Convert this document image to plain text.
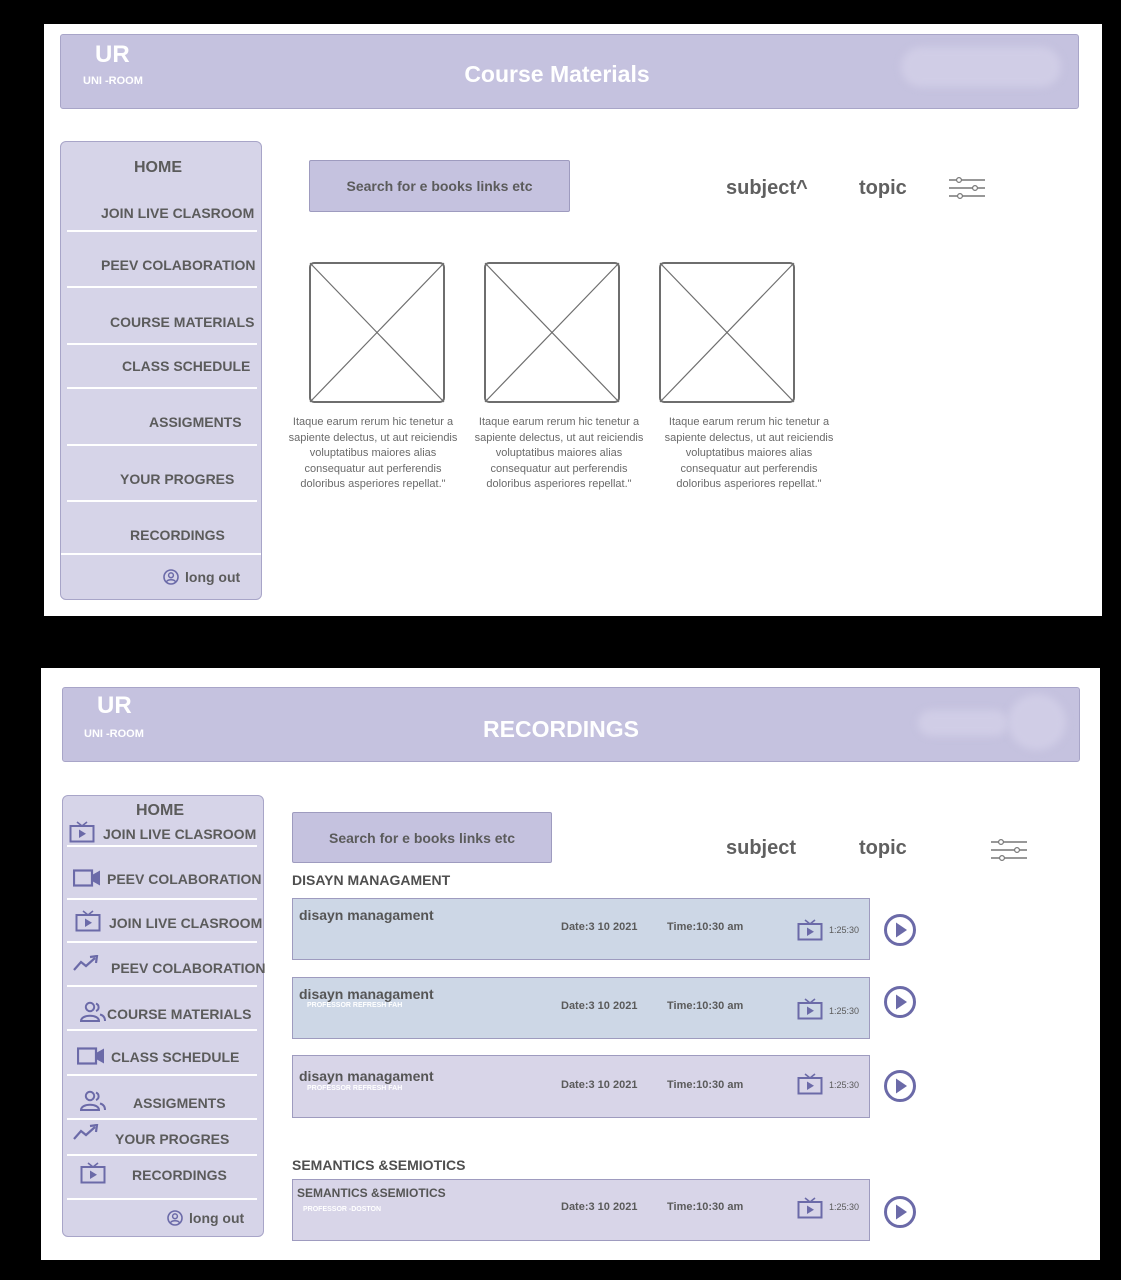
UR
UNI -ROOM	Course Materials
HOME
JOIN LIVE CLASROOM
PEEV COLABORATION
COURSE MATERIALS
CLASS SCHEDULE
ASSIGMENTS
YOUR PROGRES
RECORDINGS
long out
Search for e books links etc	subject^	topic
Itaque earum rerum hic tenetur a sapiente delectus, ut aut reiciendis voluptatibus maiores alias consequatur aut perferendis doloribus asperiores repellat."
Itaque earum rerum hic tenetur a sapiente delectus, ut aut reiciendis voluptatibus maiores alias consequatur aut perferendis doloribus asperiores repellat."
Itaque earum rerum hic tenetur a sapiente delectus, ut aut reiciendis voluptatibus maiores alias consequatur aut perferendis doloribus asperiores repellat."
UR
UNI -ROOM	RECORDINGS
HOME
JOIN LIVE CLASROOM
PEEV COLABORATION
JOIN LIVE CLASROOM
PEEV COLABORATION
COURSE MATERIALS
CLASS SCHEDULE
ASSIGMENTS
YOUR PROGRES
RECORDINGS
long out
Search for e books links etc	subject	topic
DISAYN MANAGAMENT
disayn managament
Date:3 10 2021	Time:10:30 am	1:25:30
disayn managament
PROFESSOR REFRESH FAH	Date:3 10 2021	Time:10:30 am	1:25:30
disayn managament
PROFESSOR REFRESH FAH	Date:3 10 2021	Time:10:30 am	1:25:30
SEMANTICS &SEMIOTICS
SEMANTICS &SEMIOTICS
PROFESSOR -DOSTON	Date:3 10 2021	Time:10:30 am	1:25:30
